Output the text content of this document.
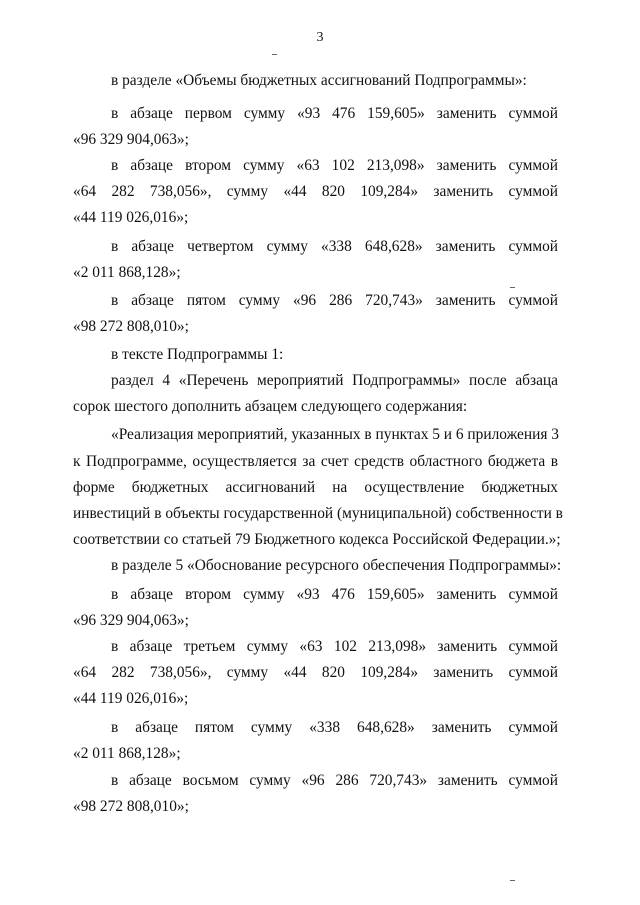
3
в разделе «Объемы бюджетных ассигнований Подпрограммы»:
в абзаце первом сумму «93 476 159,605» заменить суммой
«96 329 904,063»;
в абзаце втором сумму «63 102 213,098» заменить суммой
«64 282 738,056», сумму «44 820 109,284» заменить суммой
«44 119 026,016»;
в абзаце четвертом сумму «338 648,628» заменить суммой
«2 011 868,128»;
в абзаце пятом сумму «96 286 720,743» заменить суммой
«98 272 808,010»;
в тексте Подпрограммы 1:
раздел 4 «Перечень мероприятий Подпрограммы» после абзаца
сорок шестого дополнить абзацем следующего содержания:
«Реализация мероприятий, указанных в пунктах 5 и 6 приложения 3
к Подпрограмме, осуществляется за счет средств областного бюджета в
форме бюджетных ассигнований на осуществление бюджетных
инвестиций в объекты государственной (муниципальной) собственности в
соответствии со статьей 79 Бюджетного кодекса Российской Федерации.»;
в разделе 5 «Обоснование ресурсного обеспечения Подпрограммы»:
в абзаце втором сумму «93 476 159,605» заменить суммой
«96 329 904,063»;
в абзаце третьем сумму «63 102 213,098» заменить суммой
«64 282 738,056», сумму «44 820 109,284» заменить суммой
«44 119 026,016»;
в абзаце пятом сумму «338 648,628» заменить суммой
«2 011 868,128»;
в абзаце восьмом сумму «96 286 720,743» заменить суммой
«98 272 808,010»;
